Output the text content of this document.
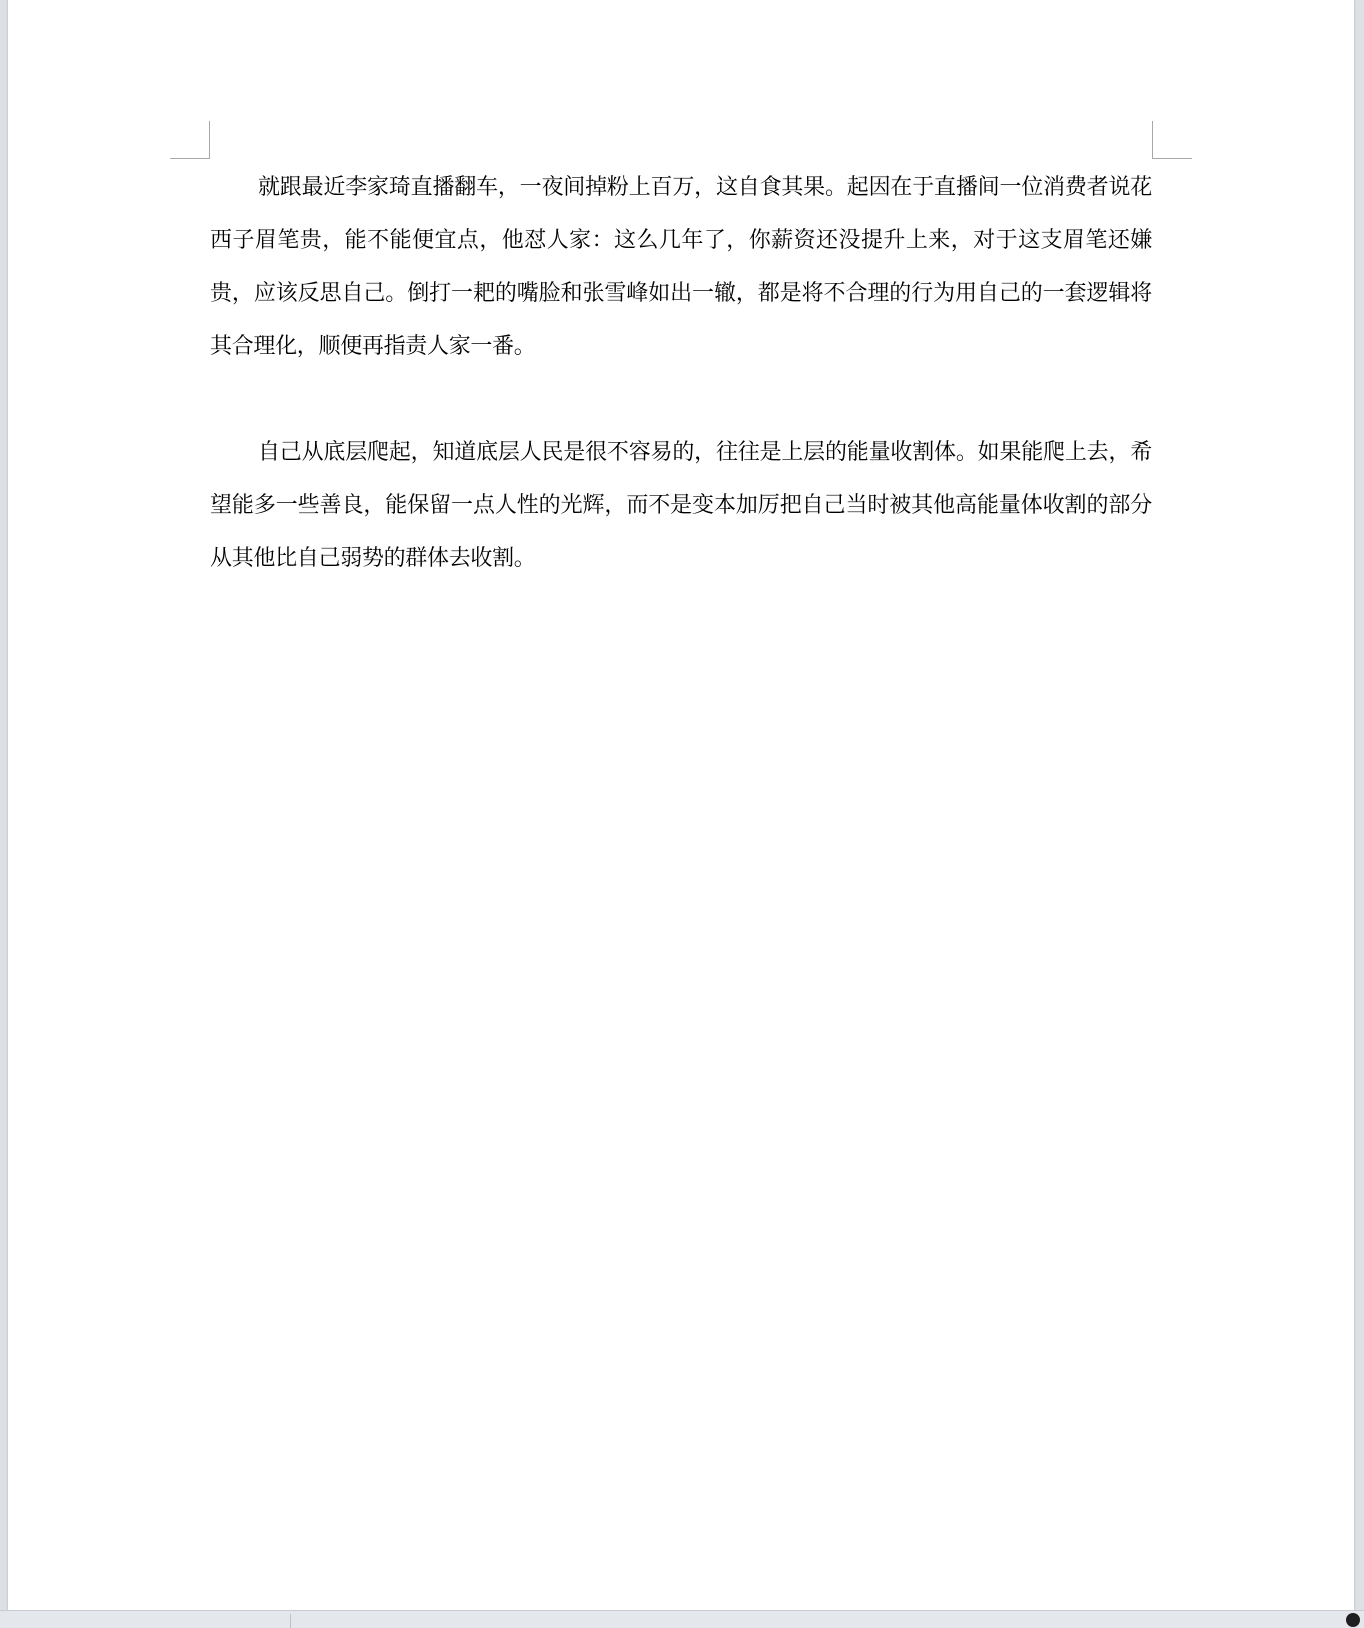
就跟最近李家琦直播翻车，一夜间掉粉上百万，这自食其果。起因在于直播间一位消费者说花西子眉笔贵，能不能便宜点，他怼人家：这么几年了，你薪资还没提升上来，对于这支眉笔还嫌贵，应该反思自己。倒打一耙的嘴脸和张雪峰如出一辙，都是将不合理的行为用自己的一套逻辑将其合理化，顺便再指责人家一番。

自己从底层爬起，知道底层人民是很不容易的，往往是上层的能量收割体。如果能爬上去，希望能多一些善良，能保留一点人性的光辉，而不是变本加厉把自己当时被其他高能量体收割的部分从其他比自己弱势的群体去收割。
